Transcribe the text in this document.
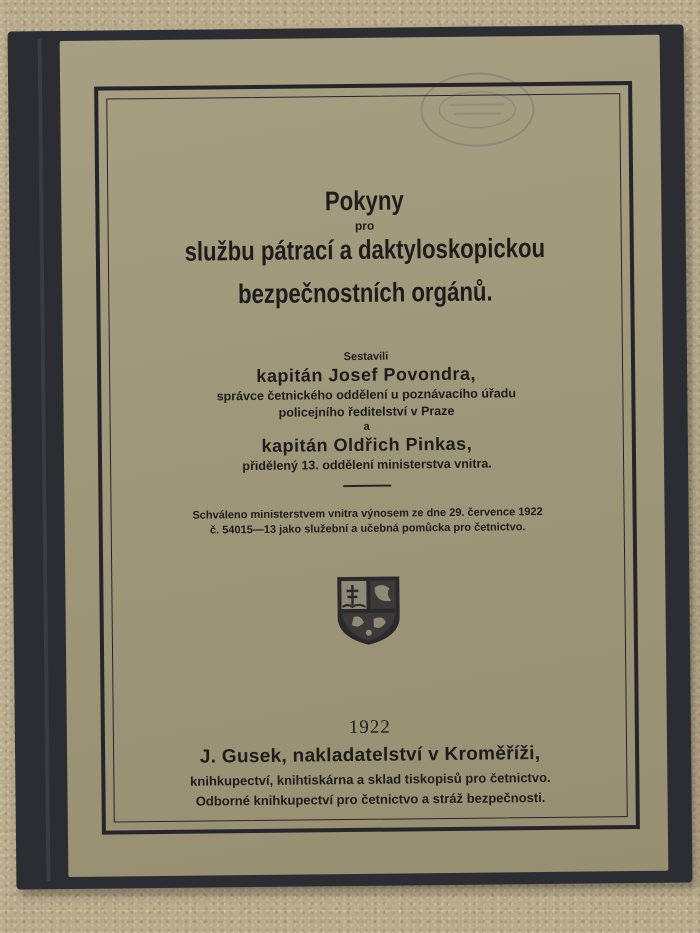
Pokyny

pro

službu pátrací a daktyloskopickou

bezpečnostních orgánů.

Sestavili

kapitán Josef Povondra,

správce četnického oddělení u poznávacího úřadu

policejního ředitelství v Praze

a

kapitán Oldřich Pinkas,

přidělený 13. oddělení ministerstva vnitra.

Schváleno ministerstvem vnitra výnosem ze dne 29. července 1922

č. 54015—13 jako služební a učebná pomůcka pro četnictvo.

1922

J. Gusek, nakladatelství v Kroměříži,

knihkupectví, knihtiskárna a sklad tiskopisů pro četnictvo.

Odborné knihkupectví pro četnictvo a stráž bezpečnosti.
